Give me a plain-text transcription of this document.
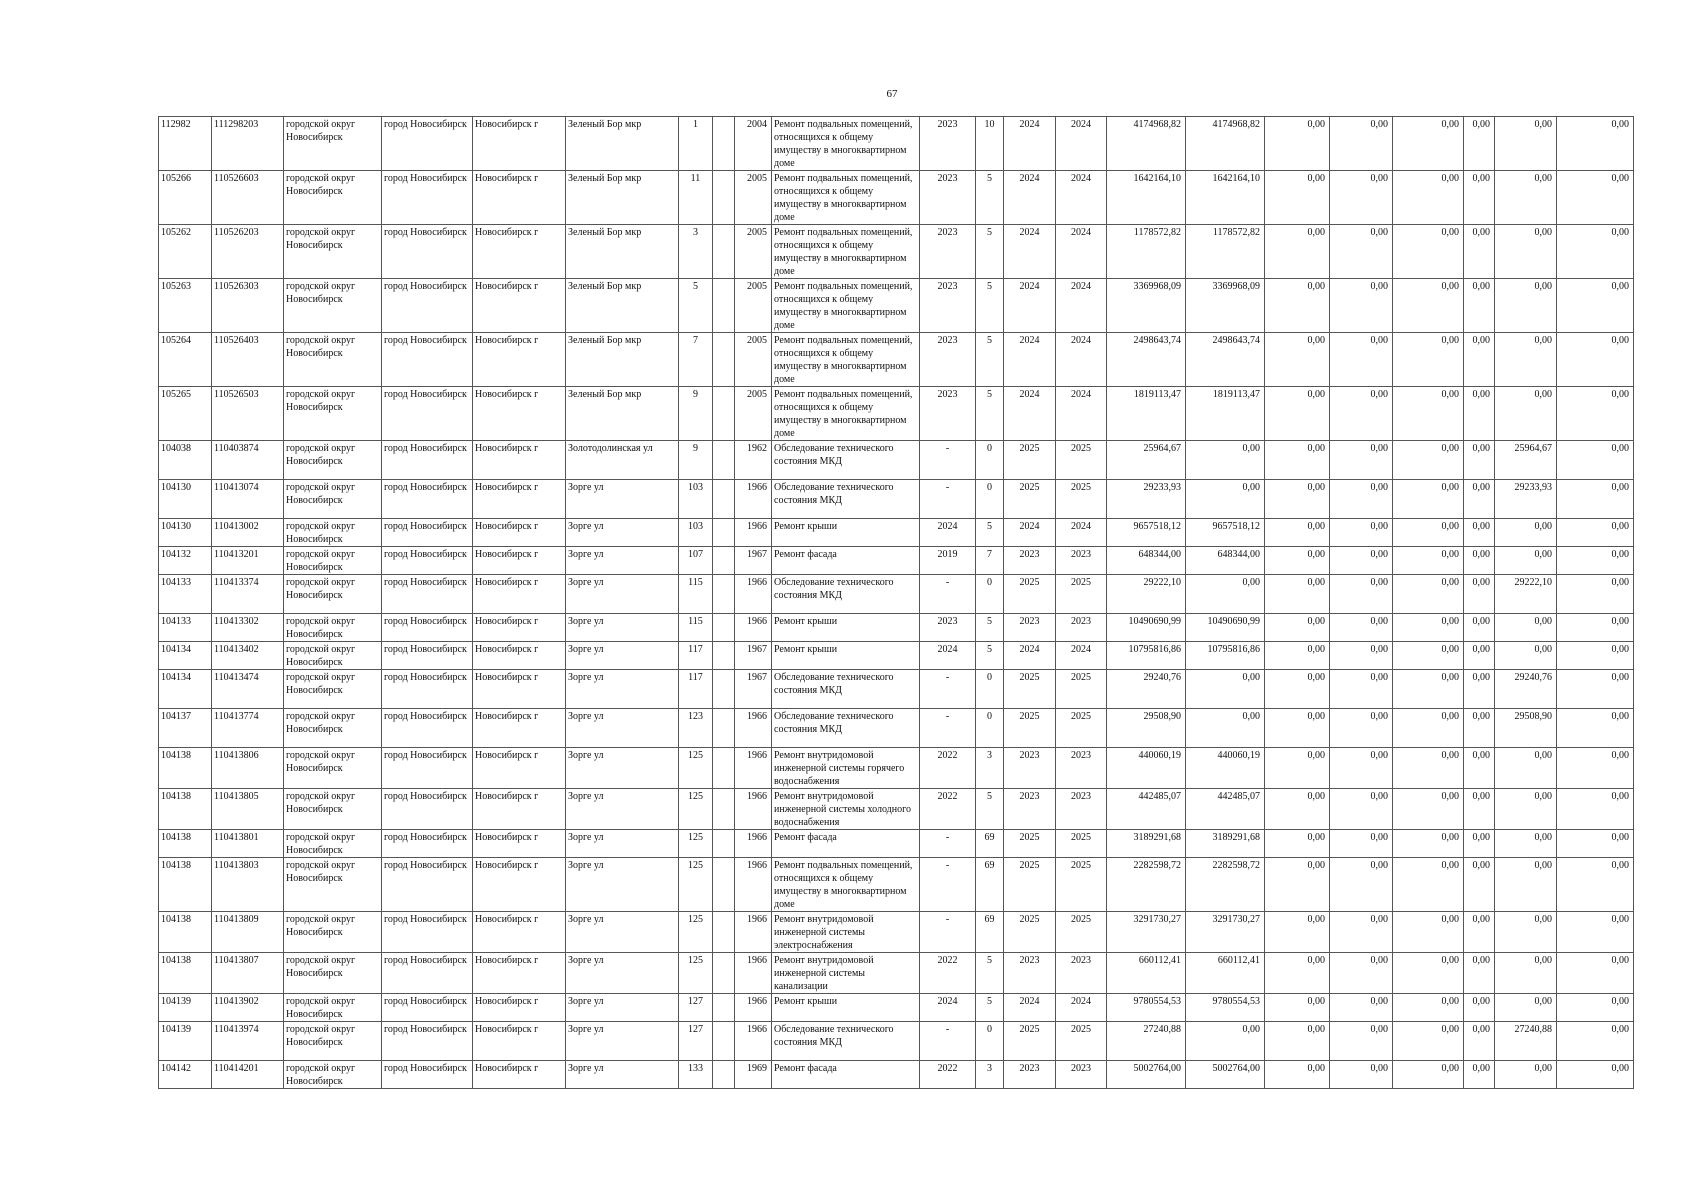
67
112982	111298203	городской округ Новосибирск	город Новосибирск	Новосибирск г	Зеленый Бор мкр	1		2004	Ремонт подвальных помещений, относящихся к общему имуществу в многоквартирном доме	2023	10	2024	2024	4174968,82	4174968,82	0,00	0,00	0,00	0,00	0,00	0,00
105266	110526603	городской округ Новосибирск	город Новосибирск	Новосибирск г	Зеленый Бор мкр	11		2005	Ремонт подвальных помещений, относящихся к общему имуществу в многоквартирном доме	2023	5	2024	2024	1642164,10	1642164,10	0,00	0,00	0,00	0,00	0,00	0,00
105262	110526203	городской округ Новосибирск	город Новосибирск	Новосибирск г	Зеленый Бор мкр	3		2005	Ремонт подвальных помещений, относящихся к общему имуществу в многоквартирном доме	2023	5	2024	2024	1178572,82	1178572,82	0,00	0,00	0,00	0,00	0,00	0,00
105263	110526303	городской округ Новосибирск	город Новосибирск	Новосибирск г	Зеленый Бор мкр	5		2005	Ремонт подвальных помещений, относящихся к общему имуществу в многоквартирном доме	2023	5	2024	2024	3369968,09	3369968,09	0,00	0,00	0,00	0,00	0,00	0,00
105264	110526403	городской округ Новосибирск	город Новосибирск	Новосибирск г	Зеленый Бор мкр	7		2005	Ремонт подвальных помещений, относящихся к общему имуществу в многоквартирном доме	2023	5	2024	2024	2498643,74	2498643,74	0,00	0,00	0,00	0,00	0,00	0,00
105265	110526503	городской округ Новосибирск	город Новосибирск	Новосибирск г	Зеленый Бор мкр	9		2005	Ремонт подвальных помещений, относящихся к общему имуществу в многоквартирном доме	2023	5	2024	2024	1819113,47	1819113,47	0,00	0,00	0,00	0,00	0,00	0,00
104038	110403874	городской округ Новосибирск	город Новосибирск	Новосибирск г	Золотодолинская ул	9		1962	Обследование технического состояния МКД	-	0	2025	2025	25964,67	0,00	0,00	0,00	0,00	0,00	25964,67	0,00
104130	110413074	городской округ Новосибирск	город Новосибирск	Новосибирск г	Зорге ул	103		1966	Обследование технического состояния МКД	-	0	2025	2025	29233,93	0,00	0,00	0,00	0,00	0,00	29233,93	0,00
104130	110413002	городской округ Новосибирск	город Новосибирск	Новосибирск г	Зорге ул	103		1966	Ремонт крыши	2024	5	2024	2024	9657518,12	9657518,12	0,00	0,00	0,00	0,00	0,00	0,00
104132	110413201	городской округ Новосибирск	город Новосибирск	Новосибирск г	Зорге ул	107		1967	Ремонт фасада	2019	7	2023	2023	648344,00	648344,00	0,00	0,00	0,00	0,00	0,00	0,00
104133	110413374	городской округ Новосибирск	город Новосибирск	Новосибирск г	Зорге ул	115		1966	Обследование технического состояния МКД	-	0	2025	2025	29222,10	0,00	0,00	0,00	0,00	0,00	29222,10	0,00
104133	110413302	городской округ Новосибирск	город Новосибирск	Новосибирск г	Зорге ул	115		1966	Ремонт крыши	2023	5	2023	2023	10490690,99	10490690,99	0,00	0,00	0,00	0,00	0,00	0,00
104134	110413402	городской округ Новосибирск	город Новосибирск	Новосибирск г	Зорге ул	117		1967	Ремонт крыши	2024	5	2024	2024	10795816,86	10795816,86	0,00	0,00	0,00	0,00	0,00	0,00
104134	110413474	городской округ Новосибирск	город Новосибирск	Новосибирск г	Зорге ул	117		1967	Обследование технического состояния МКД	-	0	2025	2025	29240,76	0,00	0,00	0,00	0,00	0,00	29240,76	0,00
104137	110413774	городской округ Новосибирск	город Новосибирск	Новосибирск г	Зорге ул	123		1966	Обследование технического состояния МКД	-	0	2025	2025	29508,90	0,00	0,00	0,00	0,00	0,00	29508,90	0,00
104138	110413806	городской округ Новосибирск	город Новосибирск	Новосибирск г	Зорге ул	125		1966	Ремонт внутридомовой инженерной системы горячего водоснабжения	2022	3	2023	2023	440060,19	440060,19	0,00	0,00	0,00	0,00	0,00	0,00
104138	110413805	городской округ Новосибирск	город Новосибирск	Новосибирск г	Зорге ул	125		1966	Ремонт внутридомовой инженерной системы холодного водоснабжения	2022	5	2023	2023	442485,07	442485,07	0,00	0,00	0,00	0,00	0,00	0,00
104138	110413801	городской округ Новосибирск	город Новосибирск	Новосибирск г	Зорге ул	125		1966	Ремонт фасада	-	69	2025	2025	3189291,68	3189291,68	0,00	0,00	0,00	0,00	0,00	0,00
104138	110413803	городской округ Новосибирск	город Новосибирск	Новосибирск г	Зорге ул	125		1966	Ремонт подвальных помещений, относящихся к общему имуществу в многоквартирном доме	-	69	2025	2025	2282598,72	2282598,72	0,00	0,00	0,00	0,00	0,00	0,00
104138	110413809	городской округ Новосибирск	город Новосибирск	Новосибирск г	Зорге ул	125		1966	Ремонт внутридомовой инженерной системы электроснабжения	-	69	2025	2025	3291730,27	3291730,27	0,00	0,00	0,00	0,00	0,00	0,00
104138	110413807	городской округ Новосибирск	город Новосибирск	Новосибирск г	Зорге ул	125		1966	Ремонт внутридомовой инженерной системы канализации	2022	5	2023	2023	660112,41	660112,41	0,00	0,00	0,00	0,00	0,00	0,00
104139	110413902	городской округ Новосибирск	город Новосибирск	Новосибирск г	Зорге ул	127		1966	Ремонт крыши	2024	5	2024	2024	9780554,53	9780554,53	0,00	0,00	0,00	0,00	0,00	0,00
104139	110413974	городской округ Новосибирск	город Новосибирск	Новосибирск г	Зорге ул	127		1966	Обследование технического состояния МКД	-	0	2025	2025	27240,88	0,00	0,00	0,00	0,00	0,00	27240,88	0,00
104142	110414201	городской округ Новосибирск	город Новосибирск	Новосибирск г	Зорге ул	133		1969	Ремонт фасада	2022	3	2023	2023	5002764,00	5002764,00	0,00	0,00	0,00	0,00	0,00	0,00
